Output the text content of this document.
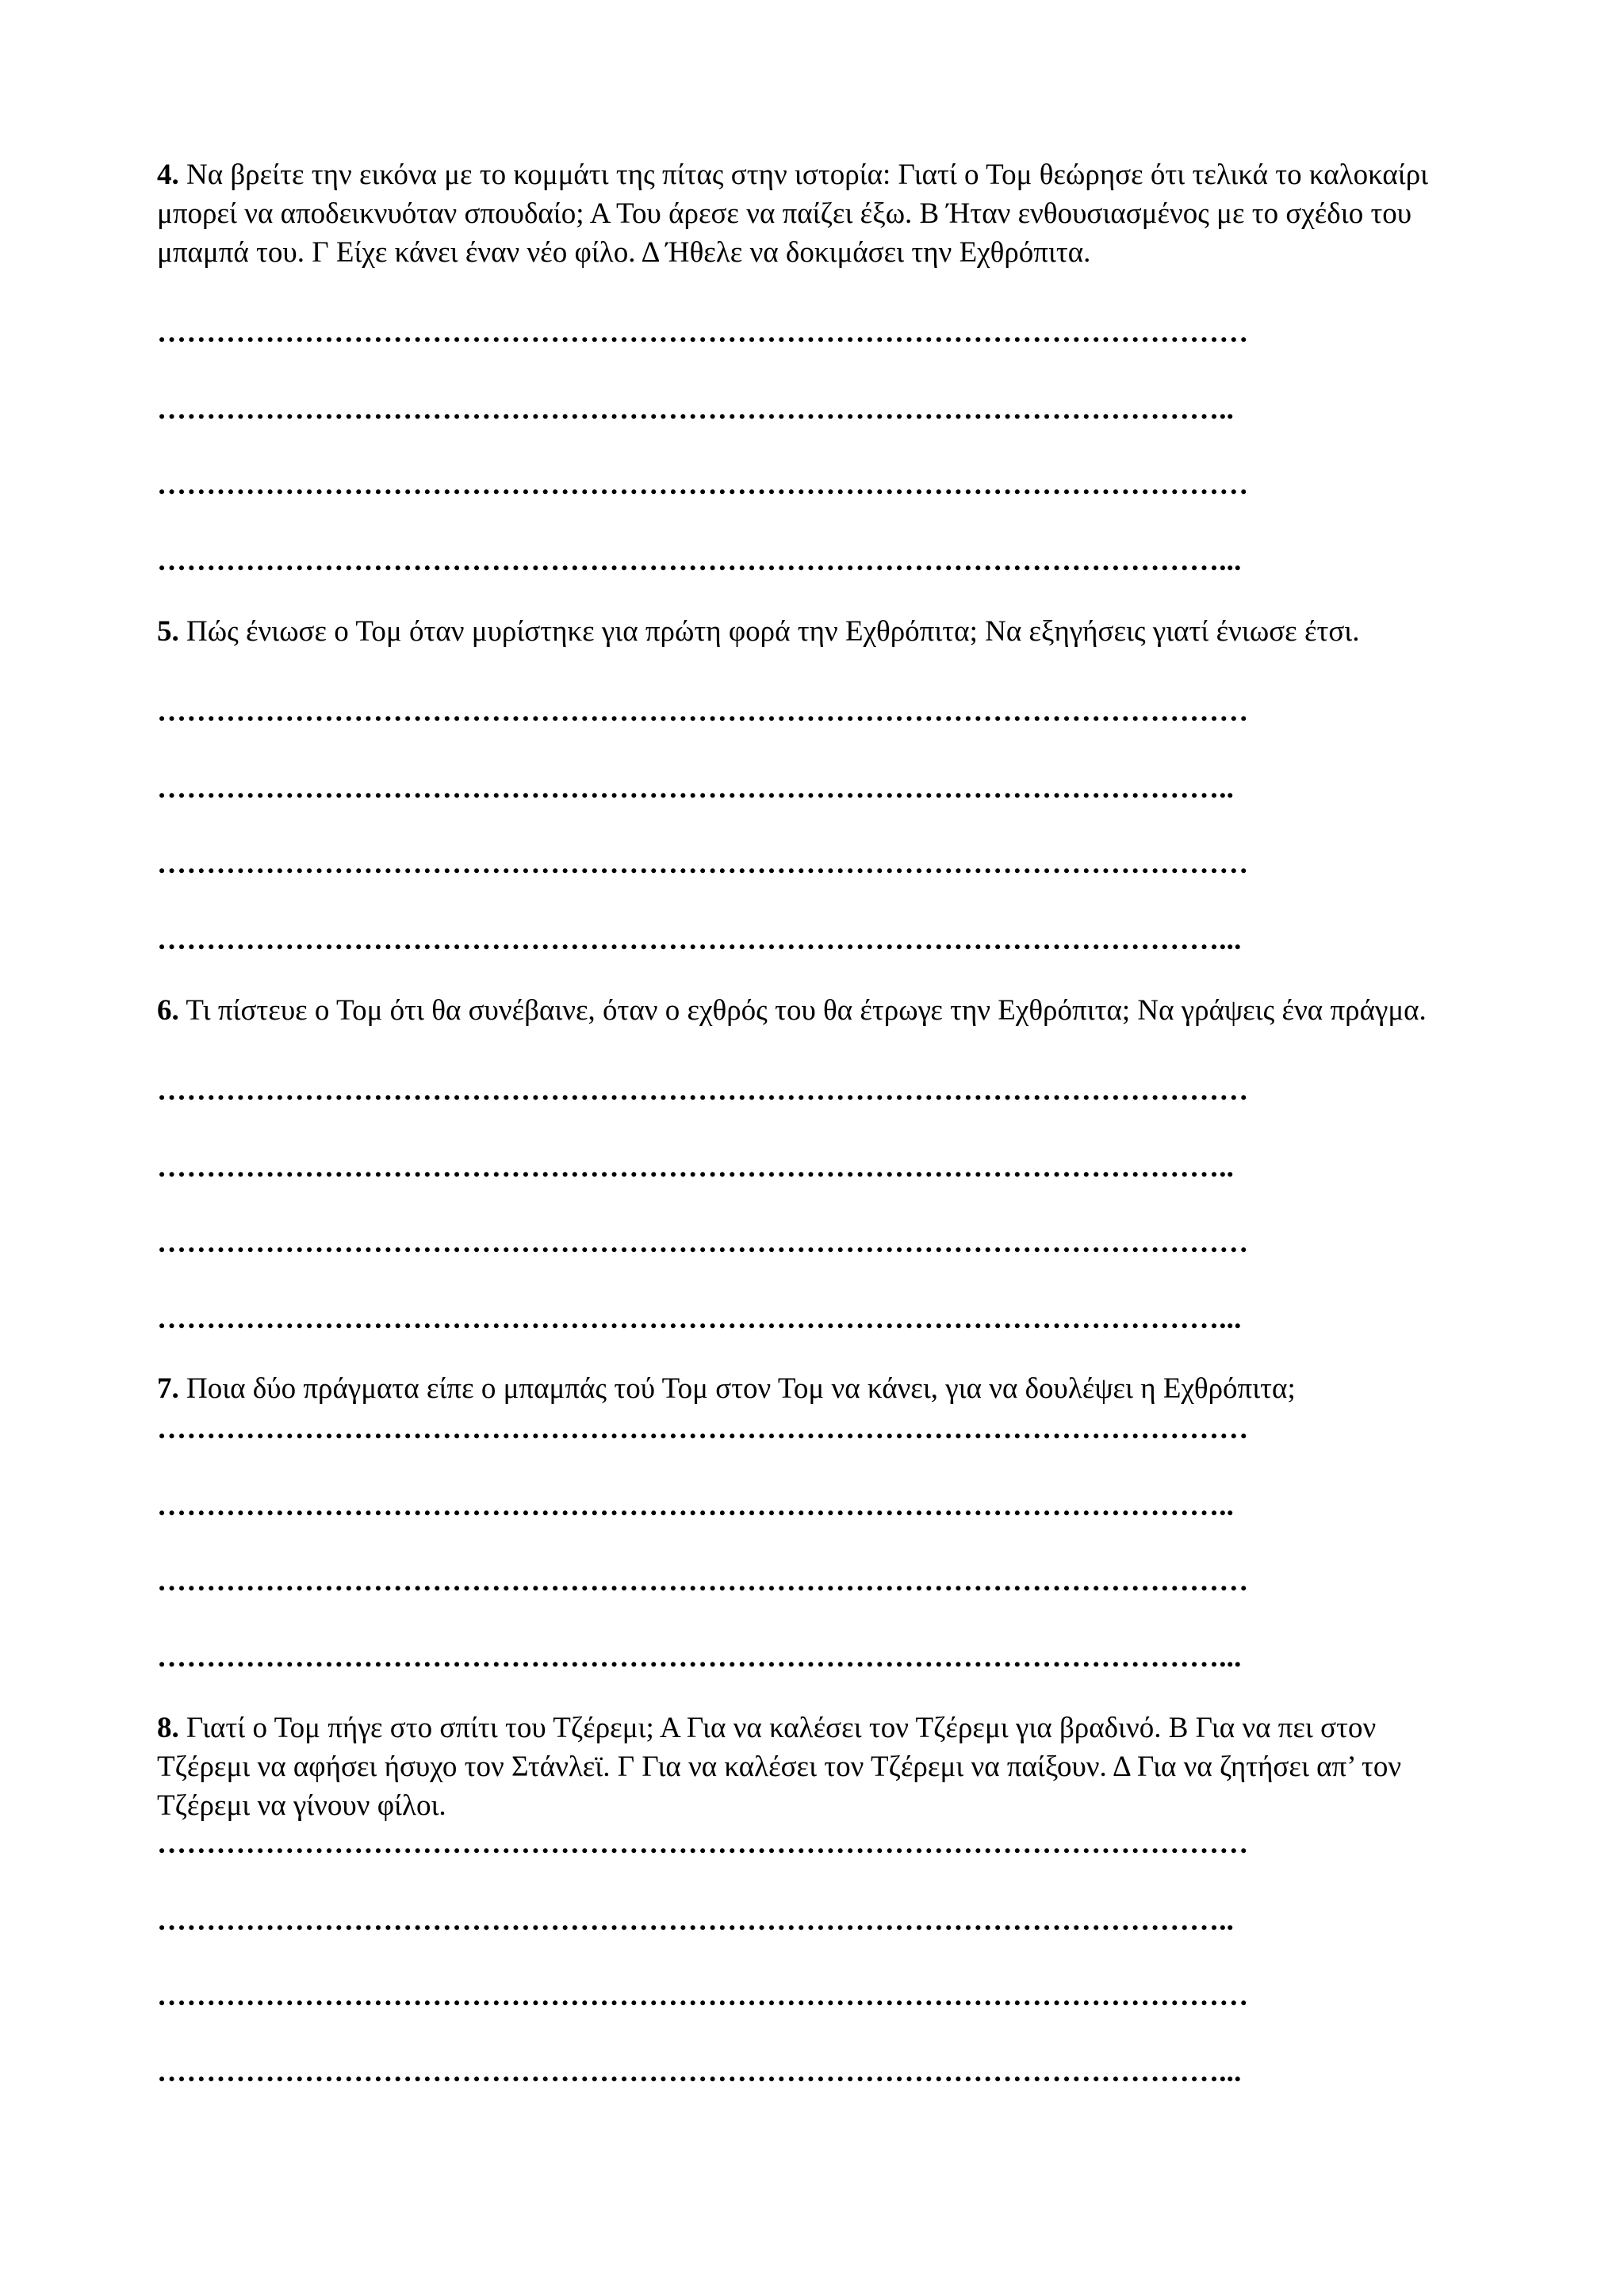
4. Να βρείτε την εικόνα με το κομμάτι της πίτας στην ιστορία: Γιατί ο Τομ θεώρησε ότι τελικά το καλοκαίρι μπορεί να αποδεικνυόταν σπουδαίο; Α Του άρεσε να παίζει έξω. Β Ήταν ενθουσιασμένος με το σχέδιο του μπαμπά του. Γ Είχε κάνει έναν νέο φίλο. Δ Ήθελε να δοκιμάσει την Εχθρόπιτα.
…………………………………………………………………………………………………
………………………………………………………………………………………………..
…………………………………………………………………………………………………
………………………………………………………………………………………………...
5. Πώς ένιωσε ο Τομ όταν μυρίστηκε για πρώτη φορά την Εχθρόπιτα; Να εξηγήσεις γιατί ένιωσε έτσι.
…………………………………………………………………………………………………
………………………………………………………………………………………………..
…………………………………………………………………………………………………
………………………………………………………………………………………………...
6. Τι πίστευε ο Τομ ότι θα συνέβαινε, όταν ο εχθρός του θα έτρωγε την Εχθρόπιτα; Να γράψεις ένα πράγμα.
…………………………………………………………………………………………………
………………………………………………………………………………………………..
…………………………………………………………………………………………………
………………………………………………………………………………………………...
7. Ποια δύο πράγματα είπε ο μπαμπάς τού Τομ στον Τομ να κάνει, για να δουλέψει η Εχθρόπιτα;
…………………………………………………………………………………………………
………………………………………………………………………………………………..
…………………………………………………………………………………………………
………………………………………………………………………………………………...
8. Γιατί ο Τομ πήγε στο σπίτι του Τζέρεμι; Α Για να καλέσει τον Τζέρεμι για βραδινό. Β Για να πει στον Τζέρεμι να αφήσει ήσυχο τον Στάνλεϊ. Γ Για να καλέσει τον Τζέρεμι να παίξουν. Δ Για να ζητήσει απ’ τον Τζέρεμι να γίνουν φίλοι.
…………………………………………………………………………………………………
………………………………………………………………………………………………..
…………………………………………………………………………………………………
………………………………………………………………………………………………...
